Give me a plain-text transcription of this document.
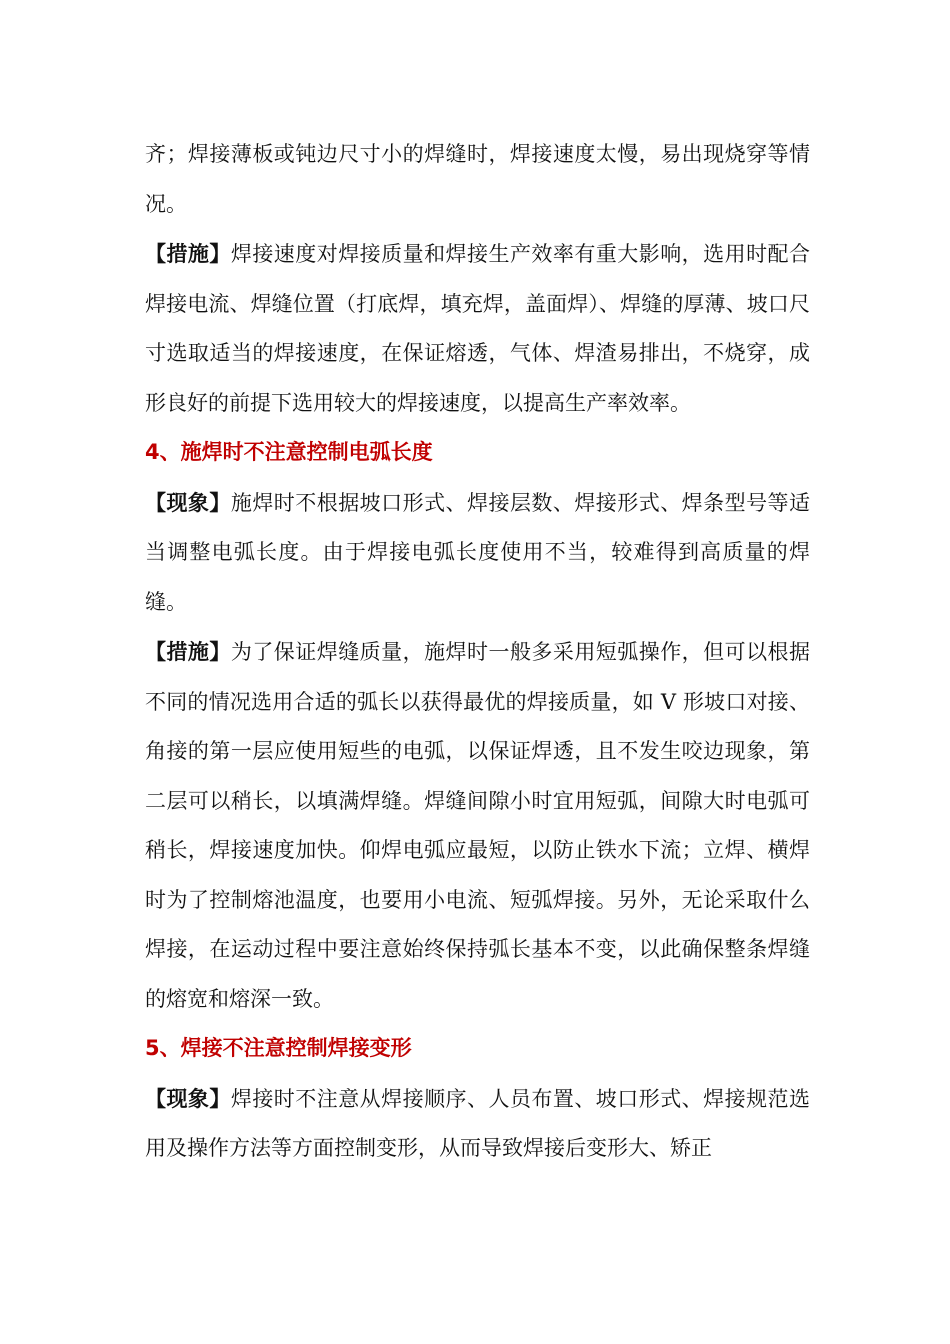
齐；焊接薄板或钝边尺寸小的焊缝时，焊接速度太慢，易出现烧穿等情况。

【措施】焊接速度对焊接质量和焊接生产效率有重大影响，选用时配合焊接电流、焊缝位置（打底焊，填充焊，盖面焊）、焊缝的厚薄、坡口尺寸选取适当的焊接速度，在保证熔透，气体、焊渣易排出，不烧穿，成形良好的前提下选用较大的焊接速度，以提高生产率效率。

4、施焊时不注意控制电弧长度

【现象】施焊时不根据坡口形式、焊接层数、焊接形式、焊条型号等适当调整电弧长度。由于焊接电弧长度使用不当，较难得到高质量的焊缝。

【措施】为了保证焊缝质量，施焊时一般多采用短弧操作，但可以根据不同的情况选用合适的弧长以获得最优的焊接质量，如 V 形坡口对接、角接的第一层应使用短些的电弧，以保证焊透，且不发生咬边现象，第二层可以稍长，以填满焊缝。焊缝间隙小时宜用短弧，间隙大时电弧可稍长，焊接速度加快。仰焊电弧应最短，以防止铁水下流；立焊、横焊时为了控制熔池温度，也要用小电流、短弧焊接。另外，无论采取什么焊接，在运动过程中要注意始终保持弧长基本不变，以此确保整条焊缝的熔宽和熔深一致。

5、焊接不注意控制焊接变形

【现象】焊接时不注意从焊接顺序、人员布置、坡口形式、焊接规范选用及操作方法等方面控制变形，从而导致焊接后变形大、矫正
